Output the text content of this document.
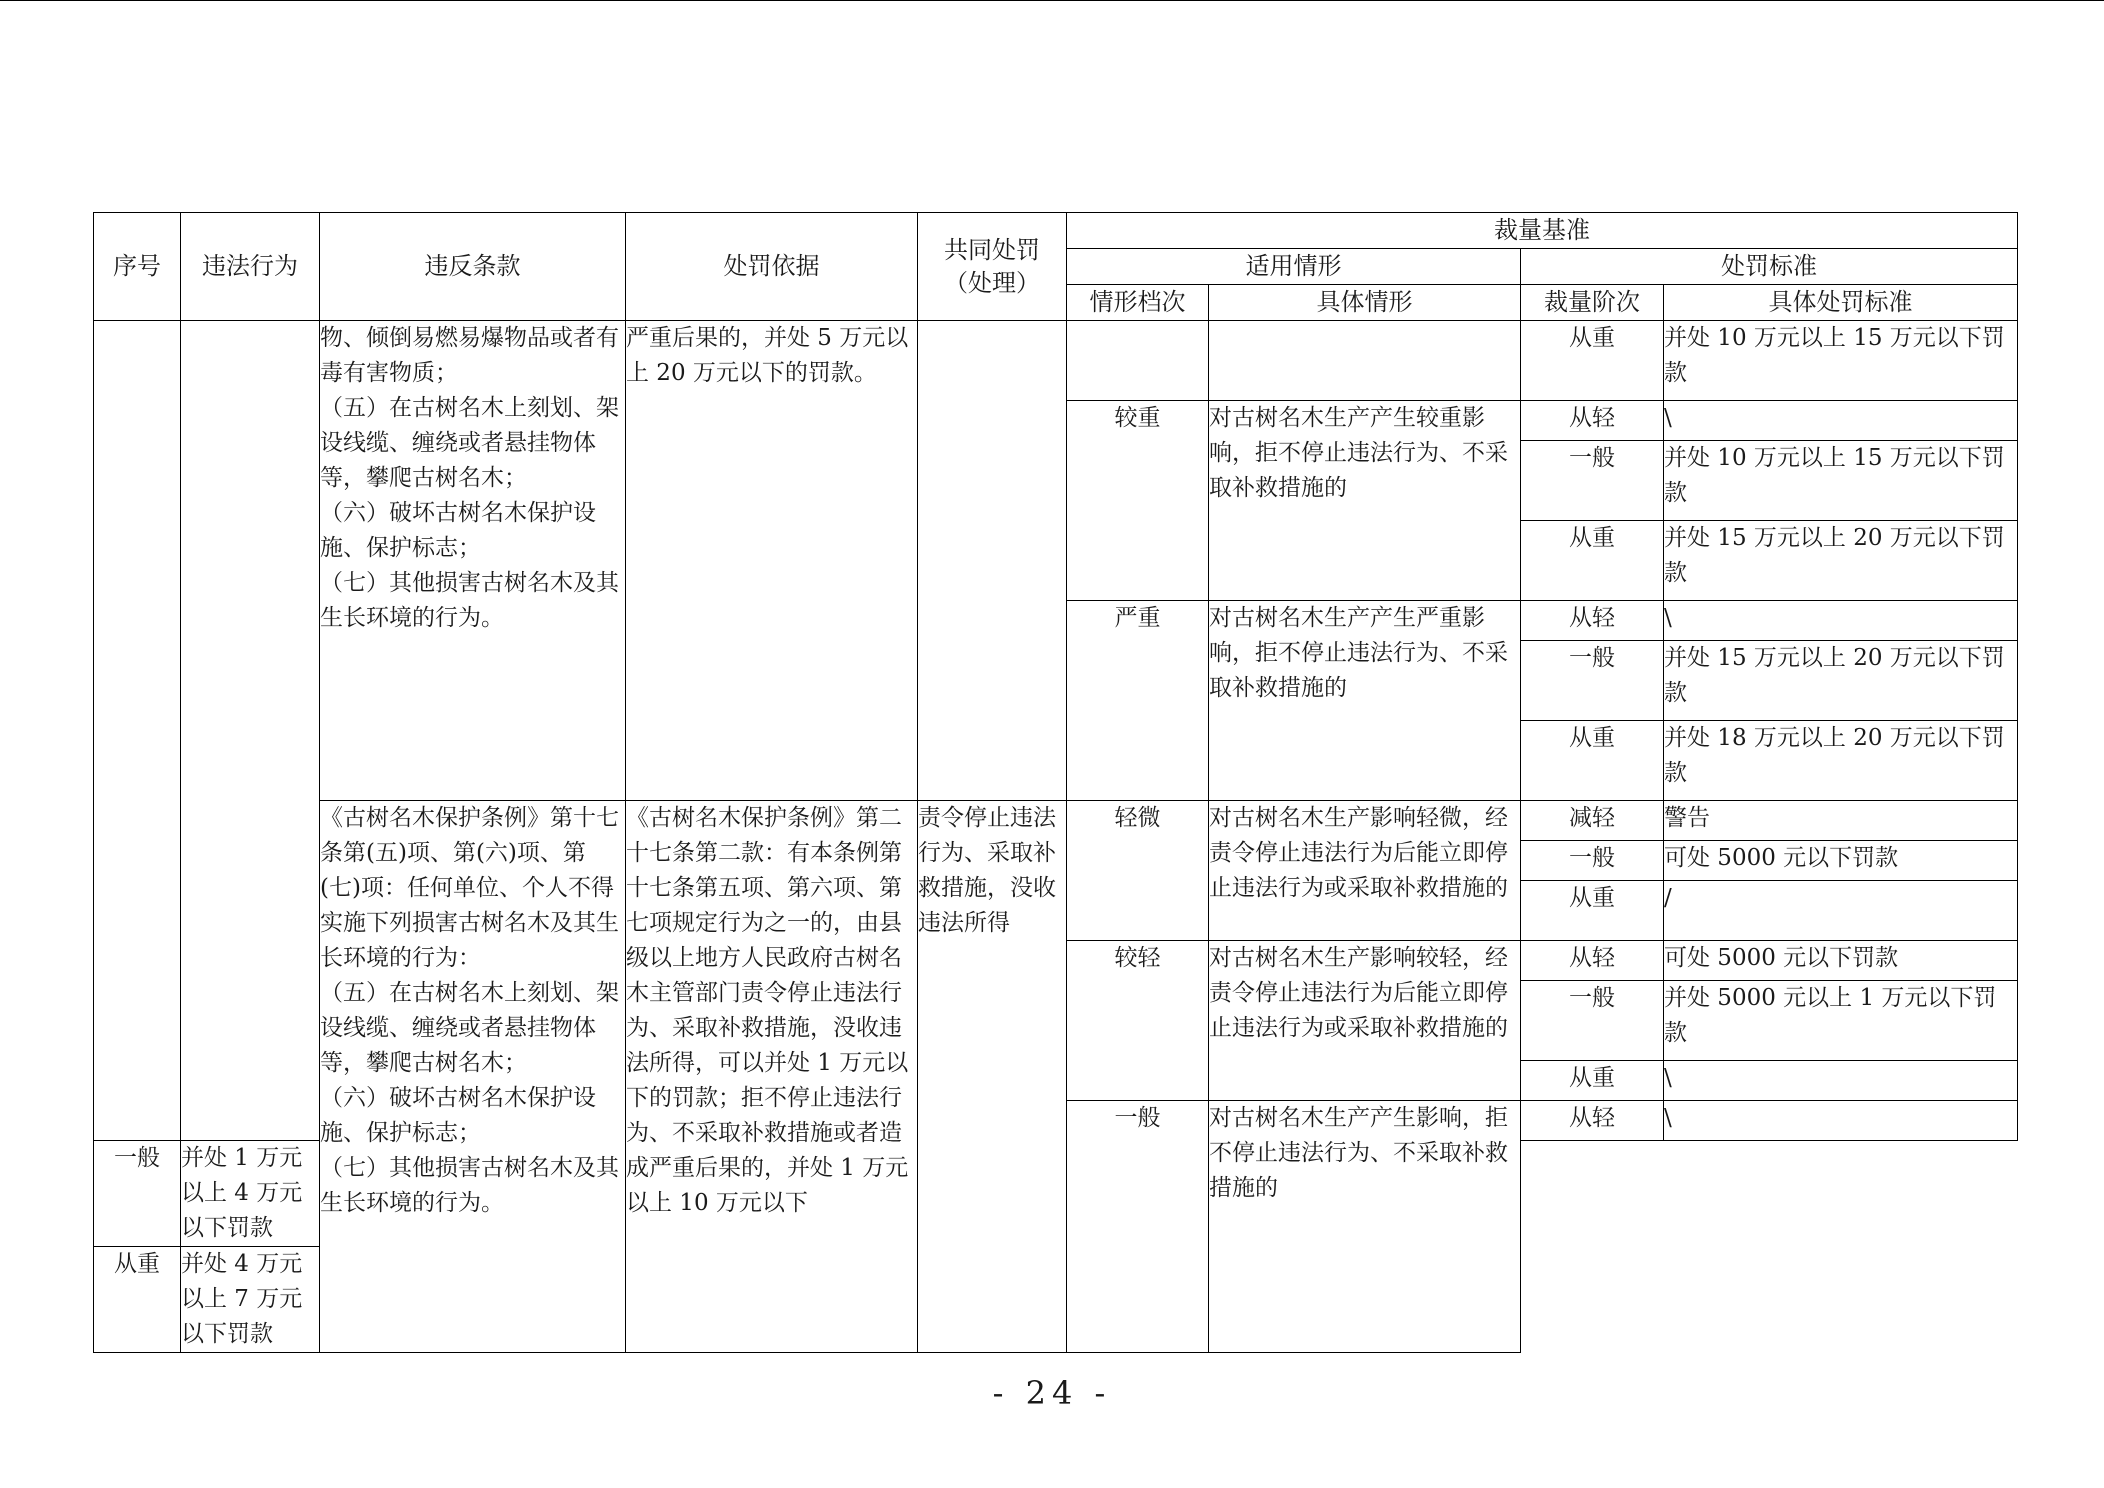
序号	违法行为	违反条款	处罚依据	共同处罚（处理）	裁量基准			
					适用情形		处罚标准	
					情形档次	具体情形	裁量阶次	具体处罚标准
		物、倾倒易燃易爆物品或者有毒有害物质；
（五）在古树名木上刻划、架设线缆、缠绕或者悬挂物体等，攀爬古树名木；
（六）破坏古树名木保护设施、保护标志；
（七）其他损害古树名木及其生长环境的行为。	严重后果的，并处 5 万元以上 20 万元以下的罚款。				从重	并处 10 万元以上 15 万元以下罚款
					较重	对古树名木生产产生较重影响，拒不停止违法行为、不采取补救措施的	从轻	\
							一般	并处 10 万元以上 15 万元以下罚款
							从重	并处 15 万元以上 20 万元以下罚款
					严重	对古树名木生产产生严重影响，拒不停止违法行为、不采取补救措施的	从轻	\
							一般	并处 15 万元以上 20 万元以下罚款
							从重	并处 18 万元以上 20 万元以下罚款
		《古树名木保护条例》第十七条第(五)项、第(六)项、第(七)项：任何单位、个人不得实施下列损害古树名木及其生长环境的行为：
（五）在古树名木上刻划、架设线缆、缠绕或者悬挂物体等，攀爬古树名木；
（六）破坏古树名木保护设施、保护标志；
（七）其他损害古树名木及其生长环境的行为。	《古树名木保护条例》第二十七条第二款：有本条例第十七条第五项、第六项、第七项规定行为之一的，由县级以上地方人民政府古树名木主管部门责令停止违法行为、采取补救措施，没收违法所得，可以并处 1 万元以下的罚款；拒不停止违法行为、不采取补救措施或者造成严重后果的，并处 1 万元以上 10 万元以下	责令停止违法行为、采取补救措施，没收违法所得	轻微	对古树名木生产影响轻微，经责令停止违法行为后能立即停止违法行为或采取补救措施的	减轻	警告
							一般	可处 5000 元以下罚款
							从重	/
					较轻	对古树名木生产影响较轻，经责令停止违法行为后能立即停止违法行为或采取补救措施的	从轻	可处 5000 元以下罚款
							一般	并处 5000 元以上 1 万元以下罚款
							从重	\
					一般	对古树名木生产产生影响，拒不停止违法行为、不采取补救措施的	从轻	\
一般	并处 1 万元以上 4 万元以下罚款							
从重	并处 4 万元以上 7 万元以下罚款							
- 24 -
